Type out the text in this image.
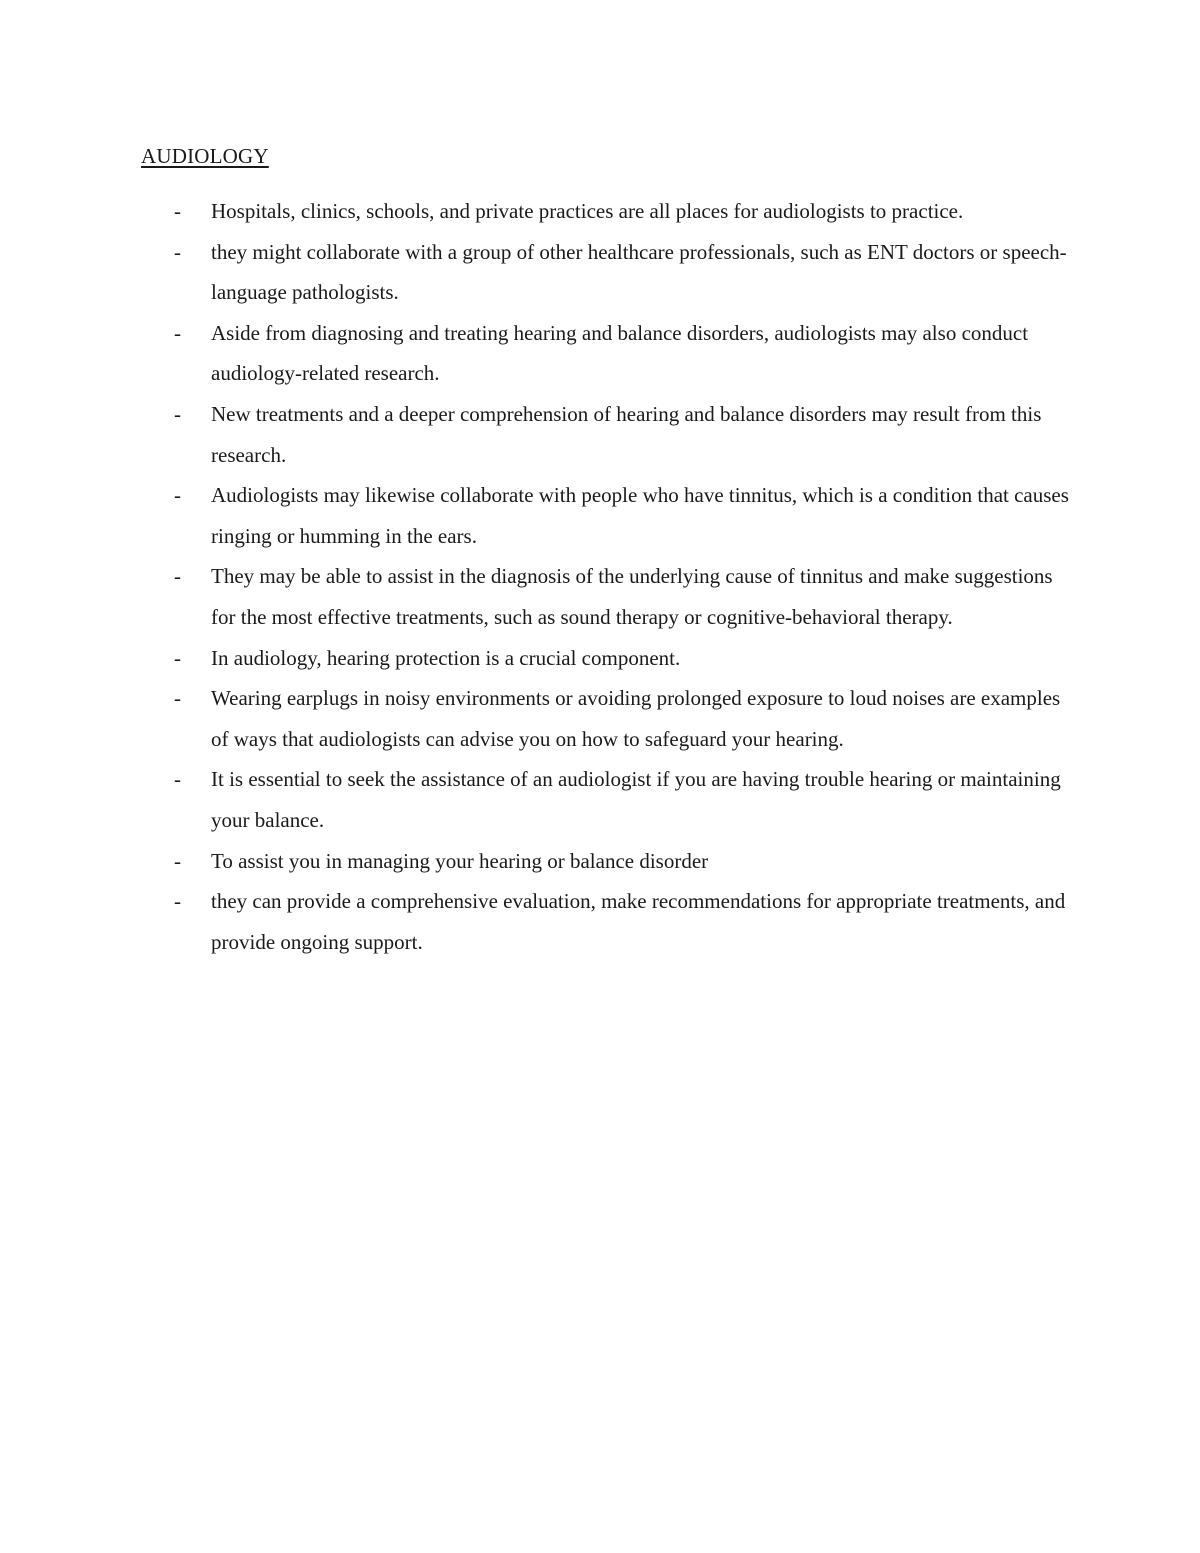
AUDIOLOGY
- Hospitals, clinics, schools, and private practices are all places for audiologists to practice.
- they might collaborate with a group of other healthcare professionals, such as ENT doctors or speech-language pathologists.
- Aside from diagnosing and treating hearing and balance disorders, audiologists may also conduct audiology-related research.
- New treatments and a deeper comprehension of hearing and balance disorders may result from this research.
- Audiologists may likewise collaborate with people who have tinnitus, which is a condition that causes ringing or humming in the ears.
- They may be able to assist in the diagnosis of the underlying cause of tinnitus and make suggestions for the most effective treatments, such as sound therapy or cognitive-behavioral therapy.
- In audiology, hearing protection is a crucial component.
- Wearing earplugs in noisy environments or avoiding prolonged exposure to loud noises are examples of ways that audiologists can advise you on how to safeguard your hearing.
- It is essential to seek the assistance of an audiologist if you are having trouble hearing or maintaining your balance.
- To assist you in managing your hearing or balance disorder
- they can provide a comprehensive evaluation, make recommendations for appropriate treatments, and provide ongoing support.
